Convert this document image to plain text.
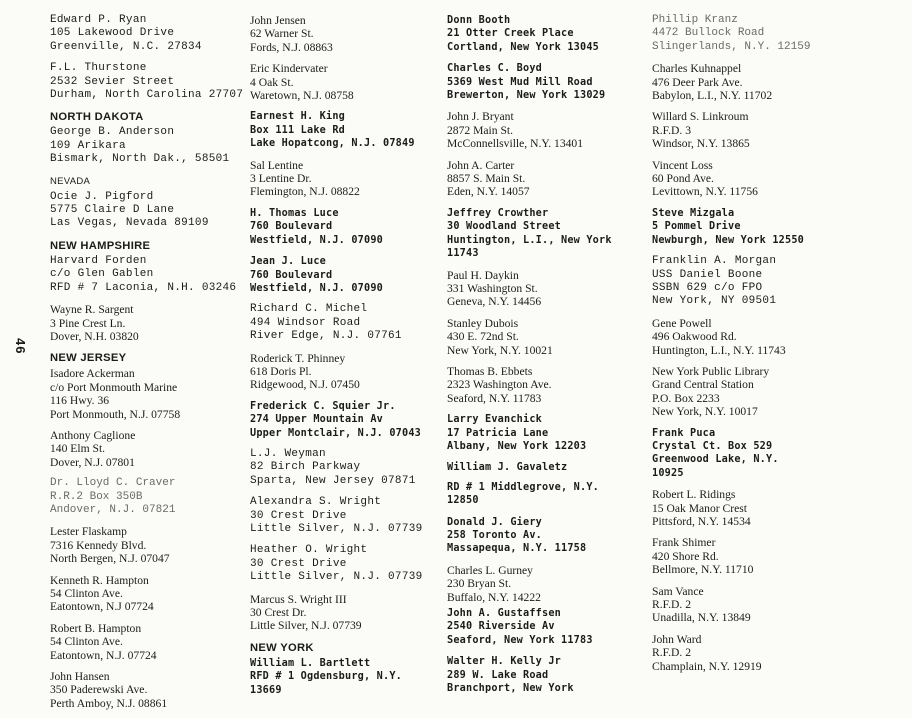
46
Edward P. Ryan
105 Lakewood Drive
Greenville, N.C. 27834
F.L. Thurstone
2532 Sevier Street
Durham, North Carolina 27707
NORTH DAKOTA
George B. Anderson
109 Arikara
Bismark, North Dak., 58501
NEVADA
Ocie J. Pigford
5775 Claire D Lane
Las Vegas, Nevada 89109
NEW HAMPSHIRE
Harvard Forden
c/o Glen Gablen
RFD # 7 Laconia, N.H. 03246
Wayne R. Sargent
3 Pine Crest Ln.
Dover, N.H. 03820
NEW JERSEY
Isadore Ackerman
c/o Port Monmouth Marine
116 Hwy. 36
Port Monmouth, N.J. 07758
Anthony Caglione
140 Elm St.
Dover, N.J. 07801
Dr. Lloyd C. Craver
R.R.2 Box 350B
Andover, N.J. 07821
Lester Flaskamp
7316 Kennedy Blvd.
North Bergen, N.J. 07047
Kenneth R. Hampton
54 Clinton Ave.
Eatontown, N.J 07724
Robert B. Hampton
54 Clinton Ave.
Eatontown, N.J. 07724
John Hansen
350 Paderewski Ave.
Perth Amboy, N.J. 08861
John Jensen
62 Warner St.
Fords, N.J. 08863
Eric Kindervater
4 Oak St.
Waretown, N.J. 08758
Earnest H. King
Box 111 Lake Rd
Lake Hopatcong, N.J. 07849
Sal Lentine
3 Lentine Dr.
Flemington, N.J. 08822
H. Thomas Luce
760 Boulevard
Westfield, N.J. 07090
Jean J. Luce
760 Boulevard
Westfield, N.J. 07090
Richard C. Michel
494 Windsor Road
River Edge, N.J. 07761
Roderick T. Phinney
618 Doris Pl.
Ridgewood, N.J. 07450
Frederick C. Squier Jr.
274 Upper Mountain Av
Upper Montclair, N.J. 07043
L.J. Weyman
82 Birch Parkway
Sparta, New Jersey 07871
Alexandra S. Wright
30 Crest Drive
Little Silver, N.J. 07739
Heather O. Wright
30 Crest Drive
Little Silver, N.J. 07739
Marcus S. Wright III
30 Crest Dr.
Little Silver, N.J. 07739
NEW YORK
William L. Bartlett
RFD # 1 Ogdensburg, N.Y.
13669
Donn Booth
21 Otter Creek Place
Cortland, New York 13045
Charles C. Boyd
5369 West Mud Mill Road
Brewerton, New York 13029
John J. Bryant
2872 Main St.
McConnellsville, N.Y. 13401
John A. Carter
8857 S. Main St.
Eden, N.Y. 14057
Jeffrey Crowther
30 Woodland Street
Huntington, L.I., New York
11743
Paul H. Daykin
331 Washington St.
Geneva, N.Y. 14456
Stanley Dubois
430 E. 72nd St.
New York, N.Y. 10021
Thomas B. Ebbets
2323 Washington Ave.
Seaford, N.Y. 11783
Larry Evanchick
17 Patricia Lane
Albany, New York 12203
William J. Gavaletz
RD # 1 Middlegrove, N.Y.
12850
Donald J. Giery
258 Toronto Av.
Massapequa, N.Y. 11758
Charles L. Gurney
230 Bryan St.
Buffalo, N.Y. 14222
John A. Gustaffsen
2540 Riverside Av
Seaford, New York 11783
Walter H. Kelly Jr
289 W. Lake Road
Branchport, New York
Phillip Kranz
4472 Bullock Road
Slingerlands, N.Y. 12159
Charles Kuhnappel
476 Deer Park Ave.
Babylon, L.I., N.Y. 11702
Willard S. Linkroum
R.F.D. 3
Windsor, N.Y. 13865
Vincent Loss
60 Pond Ave.
Levittown, N.Y. 11756
Steve Mizgala
5 Pommel Drive
Newburgh, New York 12550
Franklin A. Morgan
USS Daniel Boone
SSBN 629 c/o FPO
New York, NY 09501
Gene Powell
496 Oakwood Rd.
Huntington, L.I., N.Y. 11743
New York Public Library
Grand Central Station
P.O. Box 2233
New York, N.Y. 10017
Frank Puca
Crystal Ct. Box 529
Greenwood Lake, N.Y.
10925
Robert L. Ridings
15 Oak Manor Crest
Pittsford, N.Y. 14534
Frank Shimer
420 Shore Rd.
Bellmore, N.Y. 11710
Sam Vance
R.F.D. 2
Unadilla, N.Y. 13849
John Ward
R.F.D. 2
Champlain, N.Y. 12919
